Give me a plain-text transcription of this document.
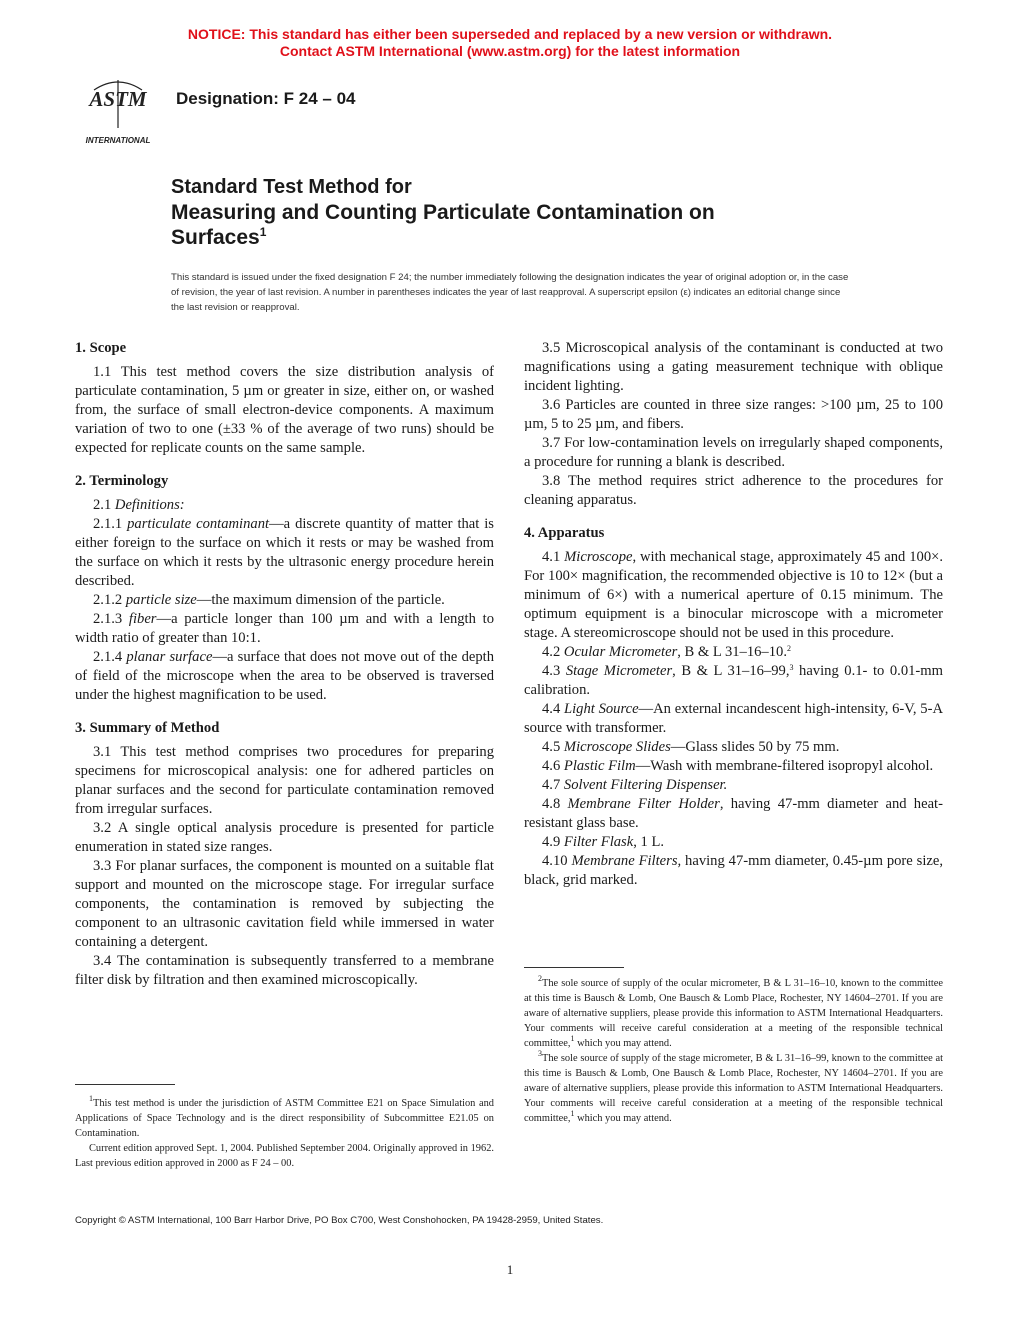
NOTICE: This standard has either been superseded and replaced by a new version or withdrawn.
Contact ASTM International (www.astm.org) for the latest information
ASTM
INTERNATIONAL
Designation: F 24 – 04
Standard Test Method for
Measuring and Counting Particulate Contamination on
Surfaces$^1$
This standard is issued under the fixed designation F 24; the number immediately following the designation indicates the year of original adoption or, in the case of revision, the year of last revision. A number in parentheses indicates the year of last reapproval. A superscript epsilon (ε) indicates an editorial change since the last revision or reapproval.
1. Scope

1.1 This test method covers the size distribution analysis of particulate contamination, 5 µm or greater in size, either on, or washed from, the surface of small electron-device components. A maximum variation of two to one (±33 % of the average of two runs) should be expected for replicate counts on the same sample.

2. Terminology

2.1 Definitions:

2.1.1 particulate contaminant—a discrete quantity of matter that is either foreign to the surface on which it rests or may be washed from the surface on which it rests by the ultrasonic energy procedure herein described.

2.1.2 particle size—the maximum dimension of the particle.

2.1.3 fiber—a particle longer than 100 µm and with a length to width ratio of greater than 10:1.

2.1.4 planar surface—a surface that does not move out of the depth of field of the microscope when the area to be observed is traversed under the highest magnification to be used.

3. Summary of Method

3.1 This test method comprises two procedures for preparing specimens for microscopical analysis: one for adhered particles on planar surfaces and the second for particulate contamination removed from irregular surfaces.

3.2 A single optical analysis procedure is presented for particle enumeration in stated size ranges.

3.3 For planar surfaces, the component is mounted on a suitable flat support and mounted on the microscope stage. For irregular surface components, the contamination is removed by subjecting the component to an ultrasonic cavitation field while immersed in water containing a detergent.

3.4 The contamination is subsequently transferred to a membrane filter disk by filtration and then examined microscopically.

3.5 Microscopical analysis of the contaminant is conducted at two magnifications using a gating measurement technique with oblique incident lighting.

3.6 Particles are counted in three size ranges: >100 µm, 25 to 100 µm, 5 to 25 µm, and fibers.

3.7 For low-contamination levels on irregularly shaped components, a procedure for running a blank is described.

3.8 The method requires strict adherence to the procedures for cleaning apparatus.

4. Apparatus

4.1 Microscope, with mechanical stage, approximately 45 and 100×. For 100× magnification, the recommended objective is 10 to 12× (but a minimum of 6×) with a numerical aperture of 0.15 minimum. The optimum equipment is a binocular microscope with a micrometer stage. A stereomicroscope should not be used in this procedure.

4.2 Ocular Micrometer, B & L 31–16–10.$^2$

4.3 Stage Micrometer, B & L 31–16–99,$^3$ having 0.1- to 0.01-mm calibration.

4.4 Light Source—An external incandescent high-intensity, 6-V, 5-A source with transformer.

4.5 Microscope Slides—Glass slides 50 by 75 mm.

4.6 Plastic Film—Wash with membrane-filtered isopropyl alcohol.

4.7 Solvent Filtering Dispenser.

4.8 Membrane Filter Holder, having 47-mm diameter and heat-resistant glass base.

4.9 Filter Flask, 1 L.

4.10 Membrane Filters, having 47-mm diameter, 0.45-µm pore size, black, grid marked.

$^1$This test method is under the jurisdiction of ASTM Committee E21 on Space Simulation and Applications of Space Technology and is the direct responsibility of Subcommittee E21.05 on Contamination.

Current edition approved Sept. 1, 2004. Published September 2004. Originally approved in 1962. Last previous edition approved in 2000 as F 24 – 00.

$^2$The sole source of supply of the ocular micrometer, B & L 31–16–10, known to the committee at this time is Bausch & Lomb, One Bausch & Lomb Place, Rochester, NY 14604–2701. If you are aware of alternative suppliers, please provide this information to ASTM International Headquarters. Your comments will receive careful consideration at a meeting of the responsible technical committee,$^1$ which you may attend.

$^3$The sole source of supply of the stage micrometer, B & L 31–16–99, known to the committee at this time is Bausch & Lomb, One Bausch & Lomb Place, Rochester, NY 14604–2701. If you are aware of alternative suppliers, please provide this information to ASTM International Headquarters. Your comments will receive careful consideration at a meeting of the responsible technical committee,$^1$ which you may attend.

Copyright © ASTM International, 100 Barr Harbor Drive, PO Box C700, West Conshohocken, PA 19428-2959, United States.
1
